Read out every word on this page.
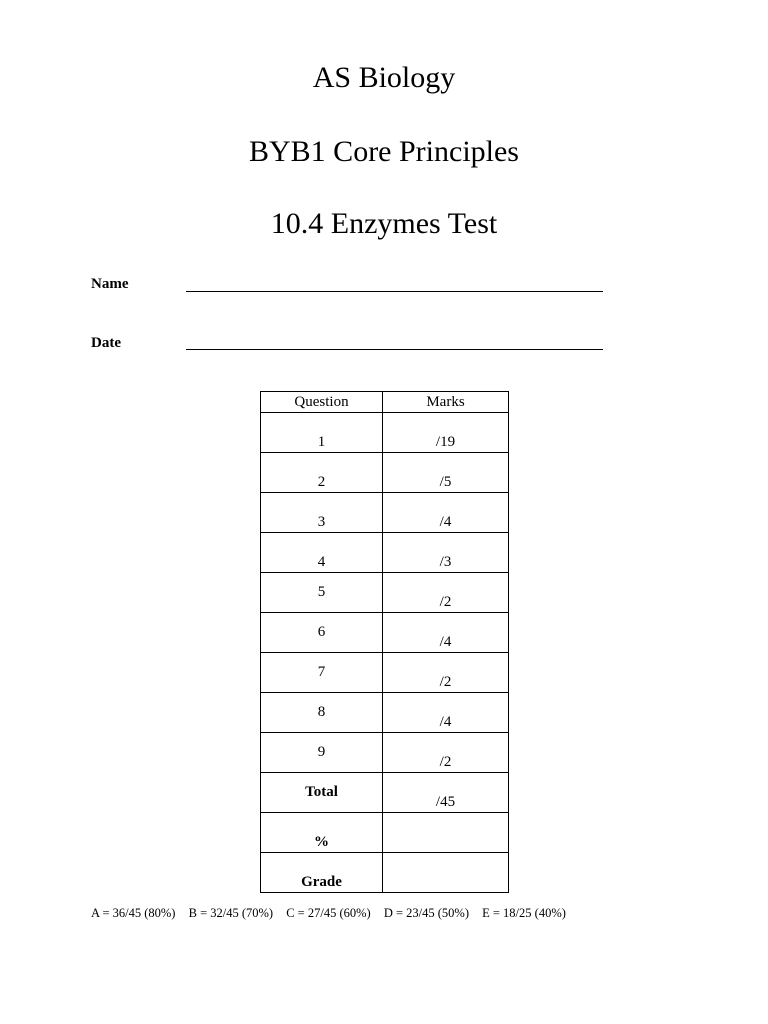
AS Biology
BYB1 Core Principles
10.4 Enzymes Test
Name
Date
Question	Marks

1	/19

2	/5

3	/4

4	/3

5	/2

6	/4

7	/2

8	/4

9	/2

Total	/45

%	

Grade	

A = 36/45 (80%) B = 32/45 (70%) C = 27/45 (60%) D = 23/45 (50%) E = 18/25 (40%)
